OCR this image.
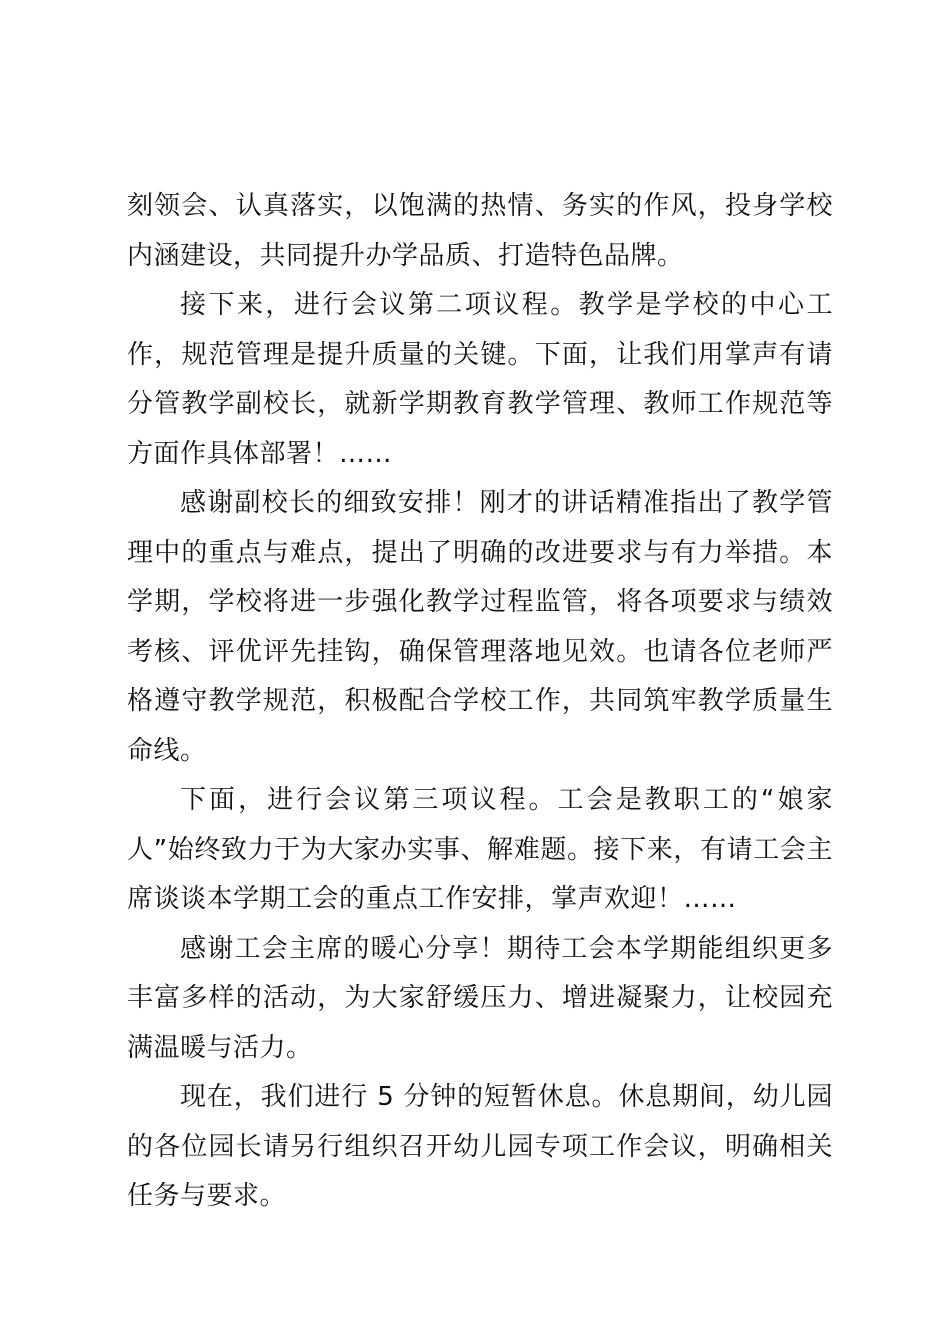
刻领会、认真落实，以饱满的热情、务实的作风，投身学校内涵建设，共同提升办学品质、打造特色品牌。

接下来，进行会议第二项议程。教学是学校的中心工作，规范管理是提升质量的关键。下面，让我们用掌声有请分管教学副校长，就新学期教育教学管理、教师工作规范等方面作具体部署！……

感谢副校长的细致安排！刚才的讲话精准指出了教学管理中的重点与难点，提出了明确的改进要求与有力举措。本学期，学校将进一步强化教学过程监管，将各项要求与绩效考核、评优评先挂钩，确保管理落地见效。也请各位老师严格遵守教学规范，积极配合学校工作，共同筑牢教学质量生命线。

下面，进行会议第三项议程。工会是教职工的“娘家人”始终致力于为大家办实事、解难题。接下来，有请工会主席谈谈本学期工会的重点工作安排，掌声欢迎！……

感谢工会主席的暖心分享！期待工会本学期能组织更多丰富多样的活动，为大家舒缓压力、增进凝聚力，让校园充满温暖与活力。

现在，我们进行 5 分钟的短暂休息。休息期间，幼儿园的各位园长请另行组织召开幼儿园专项工作会议，明确相关任务与要求。
